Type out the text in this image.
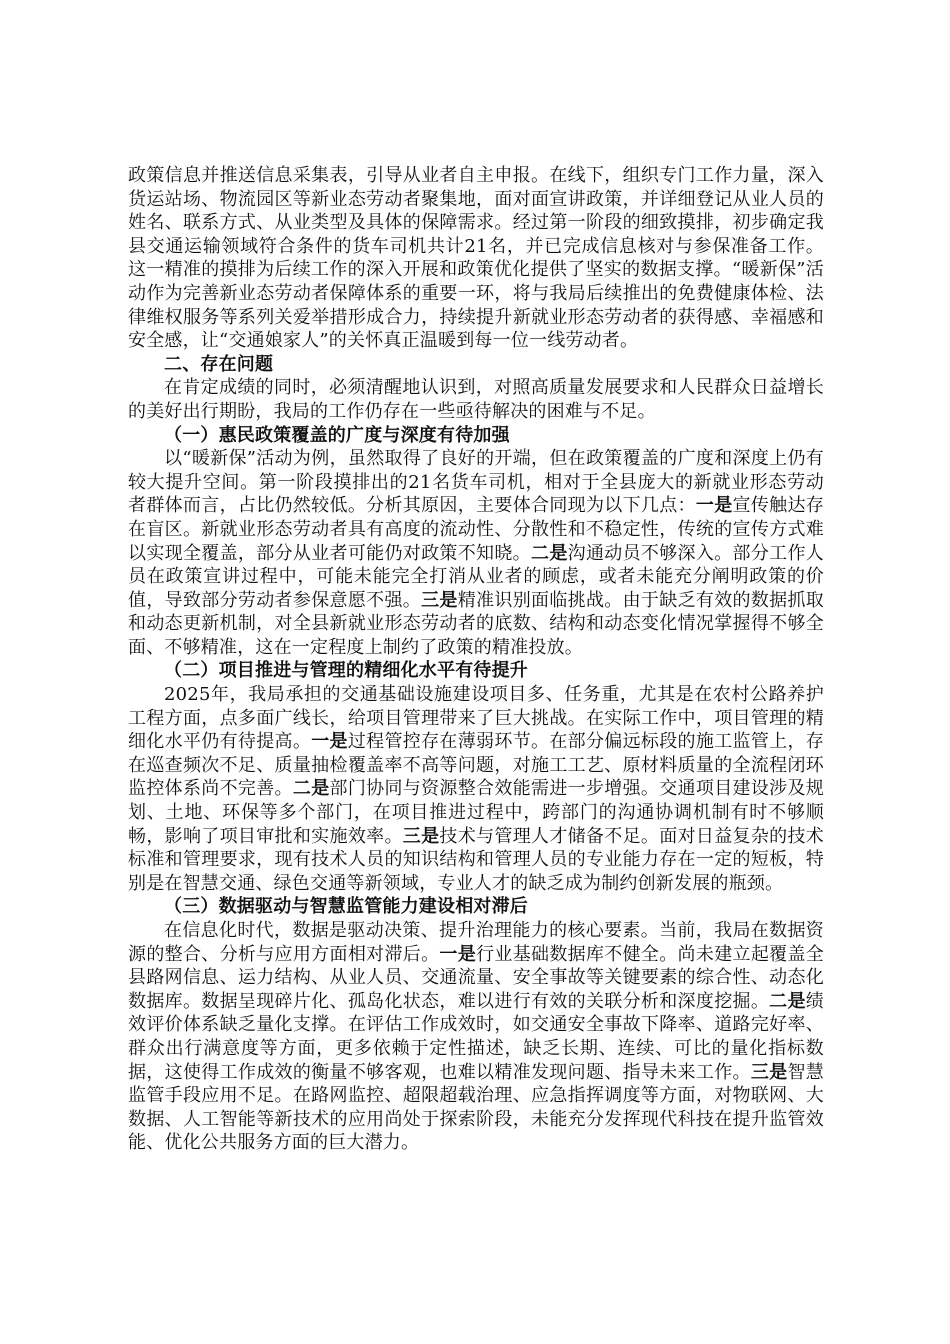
政策信息并推送信息采集表，引导从业者自主申报。在线下，组织专门工作力量，深入货运站场、物流园区等新业态劳动者聚集地，面对面宣讲政策，并详细登记从业人员的姓名、联系方式、从业类型及具体的保障需求。经过第一阶段的细致摸排，初步确定我县交通运输领域符合条件的货车司机共计21名，并已完成信息核对与参保准备工作。这一精准的摸排为后续工作的深入开展和政策优化提供了坚实的数据支撑。“暖新保”活动作为完善新业态劳动者保障体系的重要一环，将与我局后续推出的免费健康体检、法律维权服务等系列关爱举措形成合力，持续提升新就业形态劳动者的获得感、幸福感和安全感，让“交通娘家人”的关怀真正温暖到每一位一线劳动者。

二、存在问题

在肯定成绩的同时，必须清醒地认识到，对照高质量发展要求和人民群众日益增长的美好出行期盼，我局的工作仍存在一些亟待解决的困难与不足。

（一）惠民政策覆盖的广度与深度有待加强

以“暖新保”活动为例，虽然取得了良好的开端，但在政策覆盖的广度和深度上仍有较大提升空间。第一阶段摸排出的21名货车司机，相对于全县庞大的新就业形态劳动者群体而言，占比仍然较低。分析其原因，主要体合同现为以下几点：一是宣传触达存在盲区。新就业形态劳动者具有高度的流动性、分散性和不稳定性，传统的宣传方式难以实现全覆盖，部分从业者可能仍对政策不知晓。二是沟通动员不够深入。部分工作人员在政策宣讲过程中，可能未能完全打消从业者的顾虑，或者未能充分阐明政策的价值，导致部分劳动者参保意愿不强。三是精准识别面临挑战。由于缺乏有效的数据抓取和动态更新机制，对全县新就业形态劳动者的底数、结构和动态变化情况掌握得不够全面、不够精准，这在一定程度上制约了政策的精准投放。

（二）项目推进与管理的精细化水平有待提升

2025年，我局承担的交通基础设施建设项目多、任务重，尤其是在农村公路养护工程方面，点多面广线长，给项目管理带来了巨大挑战。在实际工作中，项目管理的精细化水平仍有待提高。一是过程管控存在薄弱环节。在部分偏远标段的施工监管上，存在巡查频次不足、质量抽检覆盖率不高等问题，对施工工艺、原材料质量的全流程闭环监控体系尚不完善。二是部门协同与资源整合效能需进一步增强。交通项目建设涉及规划、土地、环保等多个部门，在项目推进过程中，跨部门的沟通协调机制有时不够顺畅，影响了项目审批和实施效率。三是技术与管理人才储备不足。面对日益复杂的技术标准和管理要求，现有技术人员的知识结构和管理人员的专业能力存在一定的短板，特别是在智慧交通、绿色交通等新领域，专业人才的缺乏成为制约创新发展的瓶颈。

（三）数据驱动与智慧监管能力建设相对滞后

在信息化时代，数据是驱动决策、提升治理能力的核心要素。当前，我局在数据资源的整合、分析与应用方面相对滞后。一是行业基础数据库不健全。尚未建立起覆盖全县路网信息、运力结构、从业人员、交通流量、安全事故等关键要素的综合性、动态化数据库。数据呈现碎片化、孤岛化状态，难以进行有效的关联分析和深度挖掘。二是绩效评价体系缺乏量化支撑。在评估工作成效时，如交通安全事故下降率、道路完好率、群众出行满意度等方面，更多依赖于定性描述，缺乏长期、连续、可比的量化指标数据，这使得工作成效的衡量不够客观，也难以精准发现问题、指导未来工作。三是智慧监管手段应用不足。在路网监控、超限超载治理、应急指挥调度等方面，对物联网、大数据、人工智能等新技术的应用尚处于探索阶段，未能充分发挥现代科技在提升监管效能、优化公共服务方面的巨大潜力。
